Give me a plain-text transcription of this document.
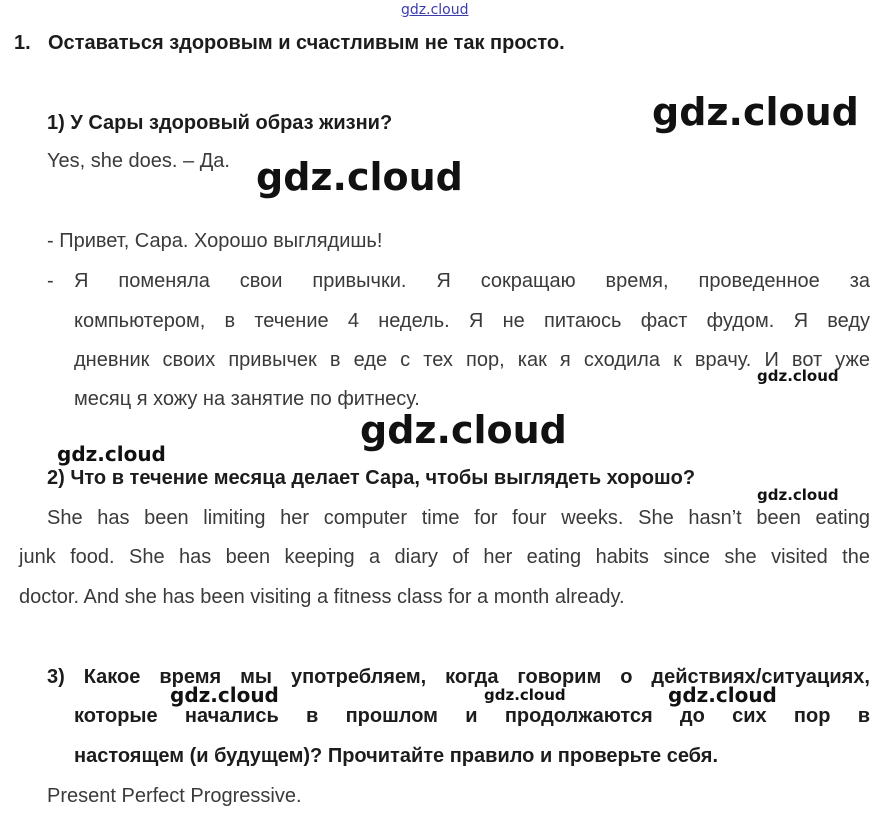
gdz.cloud
1. Оставаться здоровым и счастливым не так просто.
1) У Сары здоровый образ жизни?
Yes, she does. – Да.
gdz.cloud
gdz.cloud
- Привет, Сара. Хорошо выглядишь!
- Я поменяла свои привычки. Я сокращаю время, проведенное за
компьютером, в течение 4 недель. Я не питаюсь фаст фудом. Я веду
дневник своих привычек в еде с тех пор, как я сходила к врачу. И вот уже
месяц я хожу на занятие по фитнесу.
gdz.cloud
gdz.cloud
gdz.cloud
2) Что в течение месяца делает Сара, чтобы выглядеть хорошо?
gdz.cloud
She has been limiting her computer time for four weeks. She hasn’t been eating
junk food. She has been keeping a diary of her eating habits since she visited the
doctor. And she has been visiting a fitness class for a month already.
3) Какое время мы употребляем, когда говорим о действиях/ситуациях,
gdz.cloud	gdz.cloud	gdz.cloud
которые начались в прошлом и продолжаются до сих пор в
настоящем (и будущем)? Прочитайте правило и проверьте себя.
Present Perfect Progressive.
